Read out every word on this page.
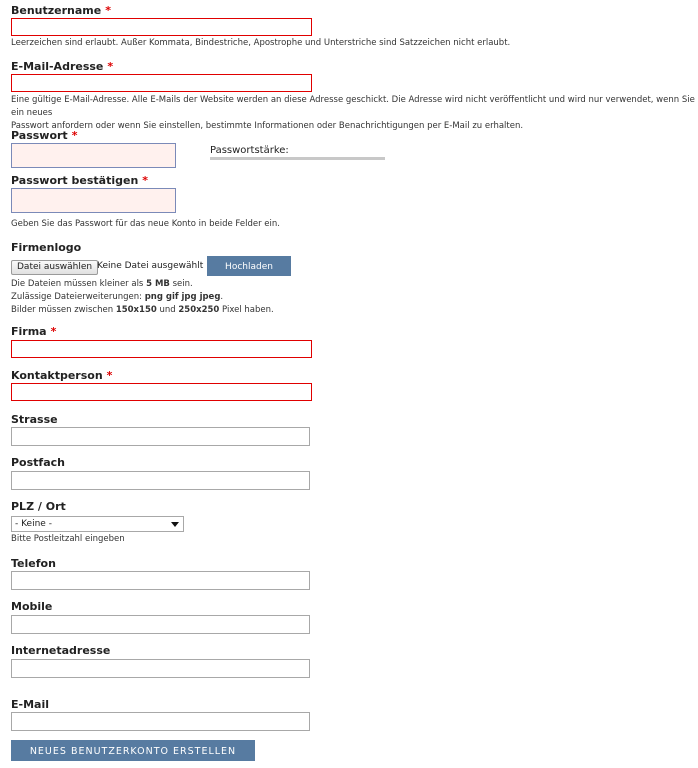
Benutzername *
Leerzeichen sind erlaubt. Außer Kommata, Bindestriche, Apostrophe und Unterstriche sind Satzzeichen nicht erlaubt.
E-Mail-Adresse *
Eine gültige E-Mail-Adresse. Alle E-Mails der Website werden an diese Adresse geschickt. Die Adresse wird nicht veröffentlicht und wird nur verwendet, wenn Sie ein neues
Passwort anfordern oder wenn Sie einstellen, bestimmte Informationen oder Benachrichtigungen per E-Mail zu erhalten.
Passwort *
Passwortstärke:
Passwort bestätigen *
Geben Sie das Passwort für das neue Konto in beide Felder ein.
Firmenlogo
Datei auswählen Keine Datei ausgewählt	Hochladen
Die Dateien müssen kleiner als 5 MB sein.
Zulässige Dateierweiterungen: png gif jpg jpeg.
Bilder müssen zwischen 150x150 und 250x250 Pixel haben.
Firma *
Kontaktperson *
Strasse
Postfach
PLZ / Ort
- Keine -
Bitte Postleitzahl eingeben
Telefon
Mobile
Internetadresse
E-Mail
NEUES BENUTZERKONTO ERSTELLEN
